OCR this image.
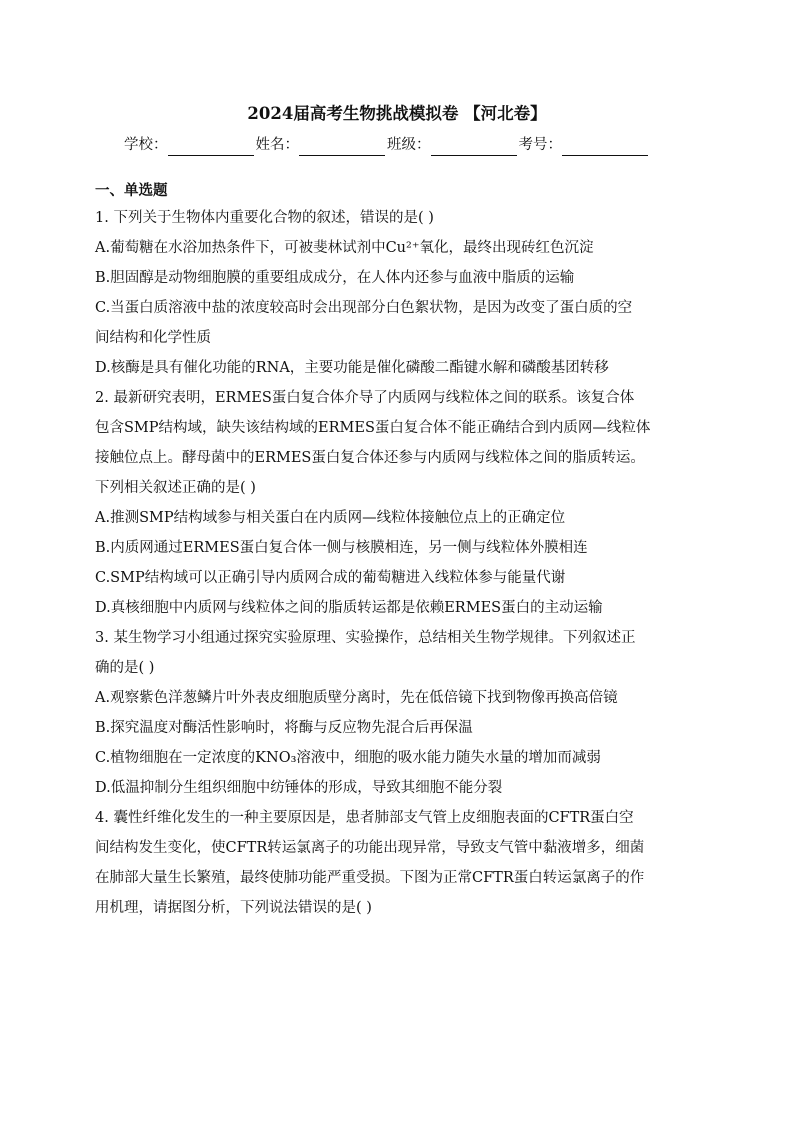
2024届高考生物挑战模拟卷 【河北卷】
学校：	姓名：	班级：	考号：
一、单选题
1. 下列关于生物体内重要化合物的叙述，错误的是( )
A.葡萄糖在水浴加热条件下，可被斐林试剂中Cu²⁺氧化，最终出现砖红色沉淀
B.胆固醇是动物细胞膜的重要组成成分，在人体内还参与血液中脂质的运输
C.当蛋白质溶液中盐的浓度较高时会出现部分白色絮状物，是因为改变了蛋白质的空
间结构和化学性质
D.核酶是具有催化功能的RNA，主要功能是催化磷酸二酯键水解和磷酸基团转移
2. 最新研究表明，ERMES蛋白复合体介导了内质网与线粒体之间的联系。该复合体
包含SMP结构域，缺失该结构域的ERMES蛋白复合体不能正确结合到内质网—线粒体
接触位点上。酵母菌中的ERMES蛋白复合体还参与内质网与线粒体之间的脂质转运。
下列相关叙述正确的是( )
A.推测SMP结构域参与相关蛋白在内质网—线粒体接触位点上的正确定位
B.内质网通过ERMES蛋白复合体一侧与核膜相连，另一侧与线粒体外膜相连
C.SMP结构域可以正确引导内质网合成的葡萄糖进入线粒体参与能量代谢
D.真核细胞中内质网与线粒体之间的脂质转运都是依赖ERMES蛋白的主动运输
3. 某生物学习小组通过探究实验原理、实验操作，总结相关生物学规律。下列叙述正
确的是( )
A.观察紫色洋葱鳞片叶外表皮细胞质壁分离时，先在低倍镜下找到物像再换高倍镜
B.探究温度对酶活性影响时，将酶与反应物先混合后再保温
C.植物细胞在一定浓度的KNO₃溶液中，细胞的吸水能力随失水量的增加而减弱
D.低温抑制分生组织细胞中纺锤体的形成，导致其细胞不能分裂
4. 囊性纤维化发生的一种主要原因是，患者肺部支气管上皮细胞表面的CFTR蛋白空
间结构发生变化，使CFTR转运氯离子的功能出现异常，导致支气管中黏液增多，细菌
在肺部大量生长繁殖，最终使肺功能严重受损。下图为正常CFTR蛋白转运氯离子的作
用机理，请据图分析，下列说法错误的是( )
